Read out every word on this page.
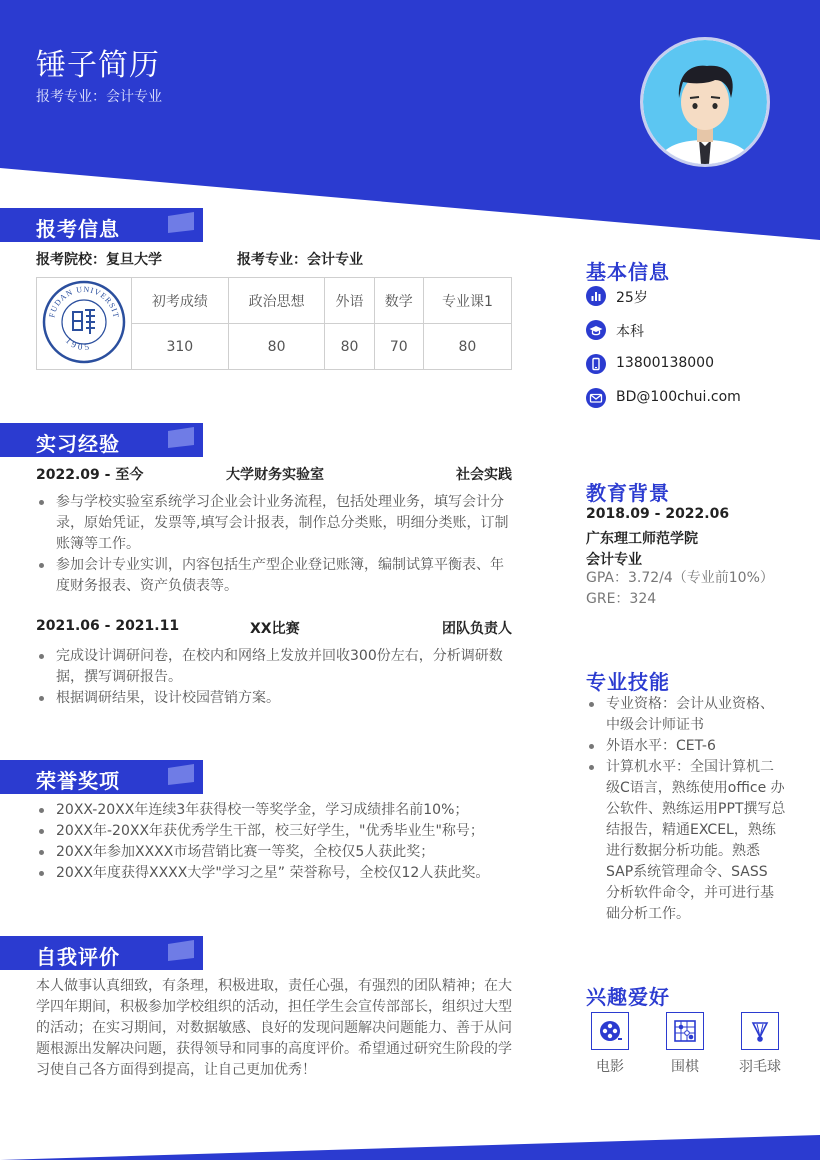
锤子简历
报考专业：会计专业
报考信息
报考院校：复旦大学	报考专业：会计专业
FUDAN UNIVERSIT
1905	初考成绩	政治思想	外语	数学	专业课1
	310	80	80	70	80
实习经验
2022.09 - 至今	大学财务实验室	社会实践
参与学校实验室系统学习企业会计业务流程，包括处理业务，填写会计分录，原始凭证，发票等,填写会计报表，制作总分类账，明细分类账，订制账簿等工作。
参加会计专业实训，内容包括生产型企业登记账簿，编制试算平衡表、年度财务报表、资产负债表等。
2021.06 - 2021.11	XX比赛	团队负责人
完成设计调研问卷，在校内和网络上发放并回收300份左右，分析调研数据，撰写调研报告。
根据调研结果，设计校园营销方案。
荣誉奖项
20XX-20XX年连续3年获得校一等奖学金，学习成绩排名前10%；
20XX年-20XX年获优秀学生干部，校三好学生，"优秀毕业生"称号；
20XX年参加XXXX市场营销比赛一等奖，全校仅5人获此奖；
20XX年度获得XXXX大学"学习之星” 荣誉称号，全校仅12人获此奖。
自我评价
本人做事认真细致，有条理，积极进取，责任心强，有强烈的团队精神；在大学四年期间，积极参加学校组织的活动，担任学生会宣传部部长，组织过大型的活动；在实习期间，对数据敏感、良好的发现问题解决问题能力、善于从问题根源出发解决问题，获得领导和同事的高度评价。希望通过研究生阶段的学习使自己各方面得到提高，让自己更加优秀！
基本信息
25岁
本科
13800138000
BD@100chui.com
教育背景
2018.09 - 2022.06
广东理工师范学院
会计专业
GPA：3.72/4（专业前10%）
GRE：324
专业技能
专业资格：会计从业资格、中级会计师证书
外语水平：CET-6
计算机水平：全国计算机二级C语言，熟练使用office 办公软件、熟练运用PPT撰写总结报告，精通EXCEL，熟练进行数据分析功能。熟悉SAP系统管理命令、SASS 分析软件命令，并可进行基础分析工作。
兴趣爱好
电影	围棋	羽毛球
